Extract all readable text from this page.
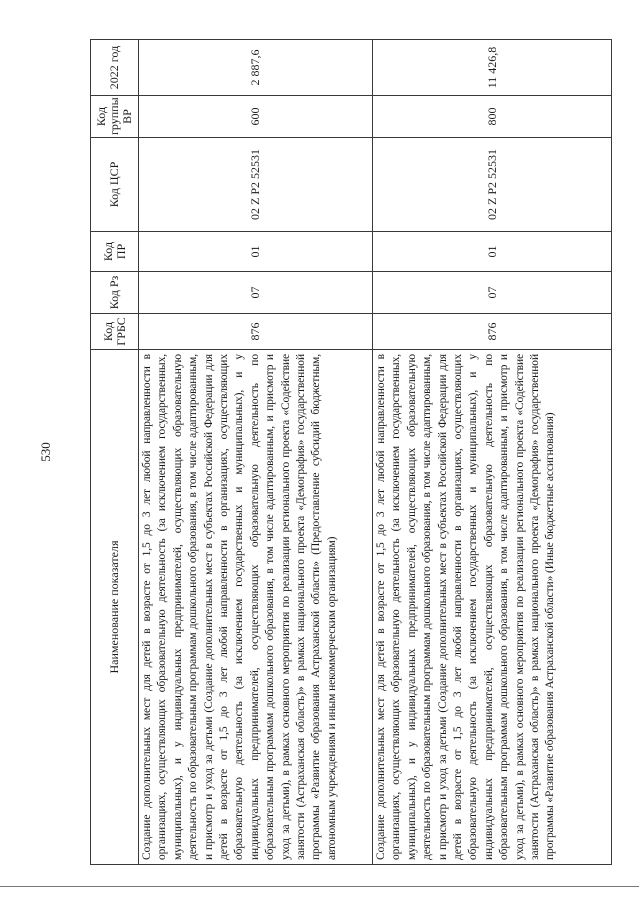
530
Наименование показателя	Код ГРБС	Код Рз	Код ПР	Код ЦСР	Код группы ВР	2022 год
Создание дополнительных мест для детей в возрасте от 1,5 до 3 лет любой направленности в организациях, осуществляющих образовательную деятельность (за исключением государственных, муниципальных), и у индивидуальных предпринимателей, осуществляющих образовательную деятельность по образовательным программам дошкольного образования, в том числе адаптированным, и присмотр и уход за детьми (Создание дополнительных мест в субъектах Российской Федерации для детей в возрасте от 1,5 до 3 лет любой направленности в организациях, осуществляющих образовательную деятельность (за исключением государственных и муниципальных), и у индивидуальных предпринимателей, осуществляющих образовательную деятельность по образовательным программам дошкольного образования, в том числе адаптированным, и присмотр и уход за детьми), в рамках основного мероприятия по реализации регионального проекта «Содействие занятости (Астраханская область)» в рамках национального проекта «Демография» государственной программы «Развитие образования Астраханской области» (Предоставление субсидий бюджетным, автономным учреждениям и иным некоммерческим организациям)	876	07	01	02 Z P2 52531	600	2 887,6
Создание дополнительных мест для детей в возрасте от 1,5 до 3 лет любой направленности в организациях, осуществляющих образовательную деятельность (за исключением государственных, муниципальных), и у индивидуальных предпринимателей, осуществляющих образовательную деятельность по образовательным программам дошкольного образования, в том числе адаптированным, и присмотр и уход за детьми (Создание дополнительных мест в субъектах Российской Федерации для детей в возрасте от 1,5 до 3 лет любой направленности в организациях, осуществляющих образовательную деятельность (за исключением государственных и муниципальных), и у индивидуальных предпринимателей, осуществляющих образовательную деятельность по образовательным программам дошкольного образования, в том числе адаптированным, и присмотр и уход за детьми), в рамках основного мероприятия по реализации регионального проекта «Содействие занятости (Астраханская область)» в рамках национального проекта «Демография» государственной программы «Развитие образования Астраханской области» (Иные бюджетные ассигнования)	876	07	01	02 Z P2 52531	800	11 426,8
